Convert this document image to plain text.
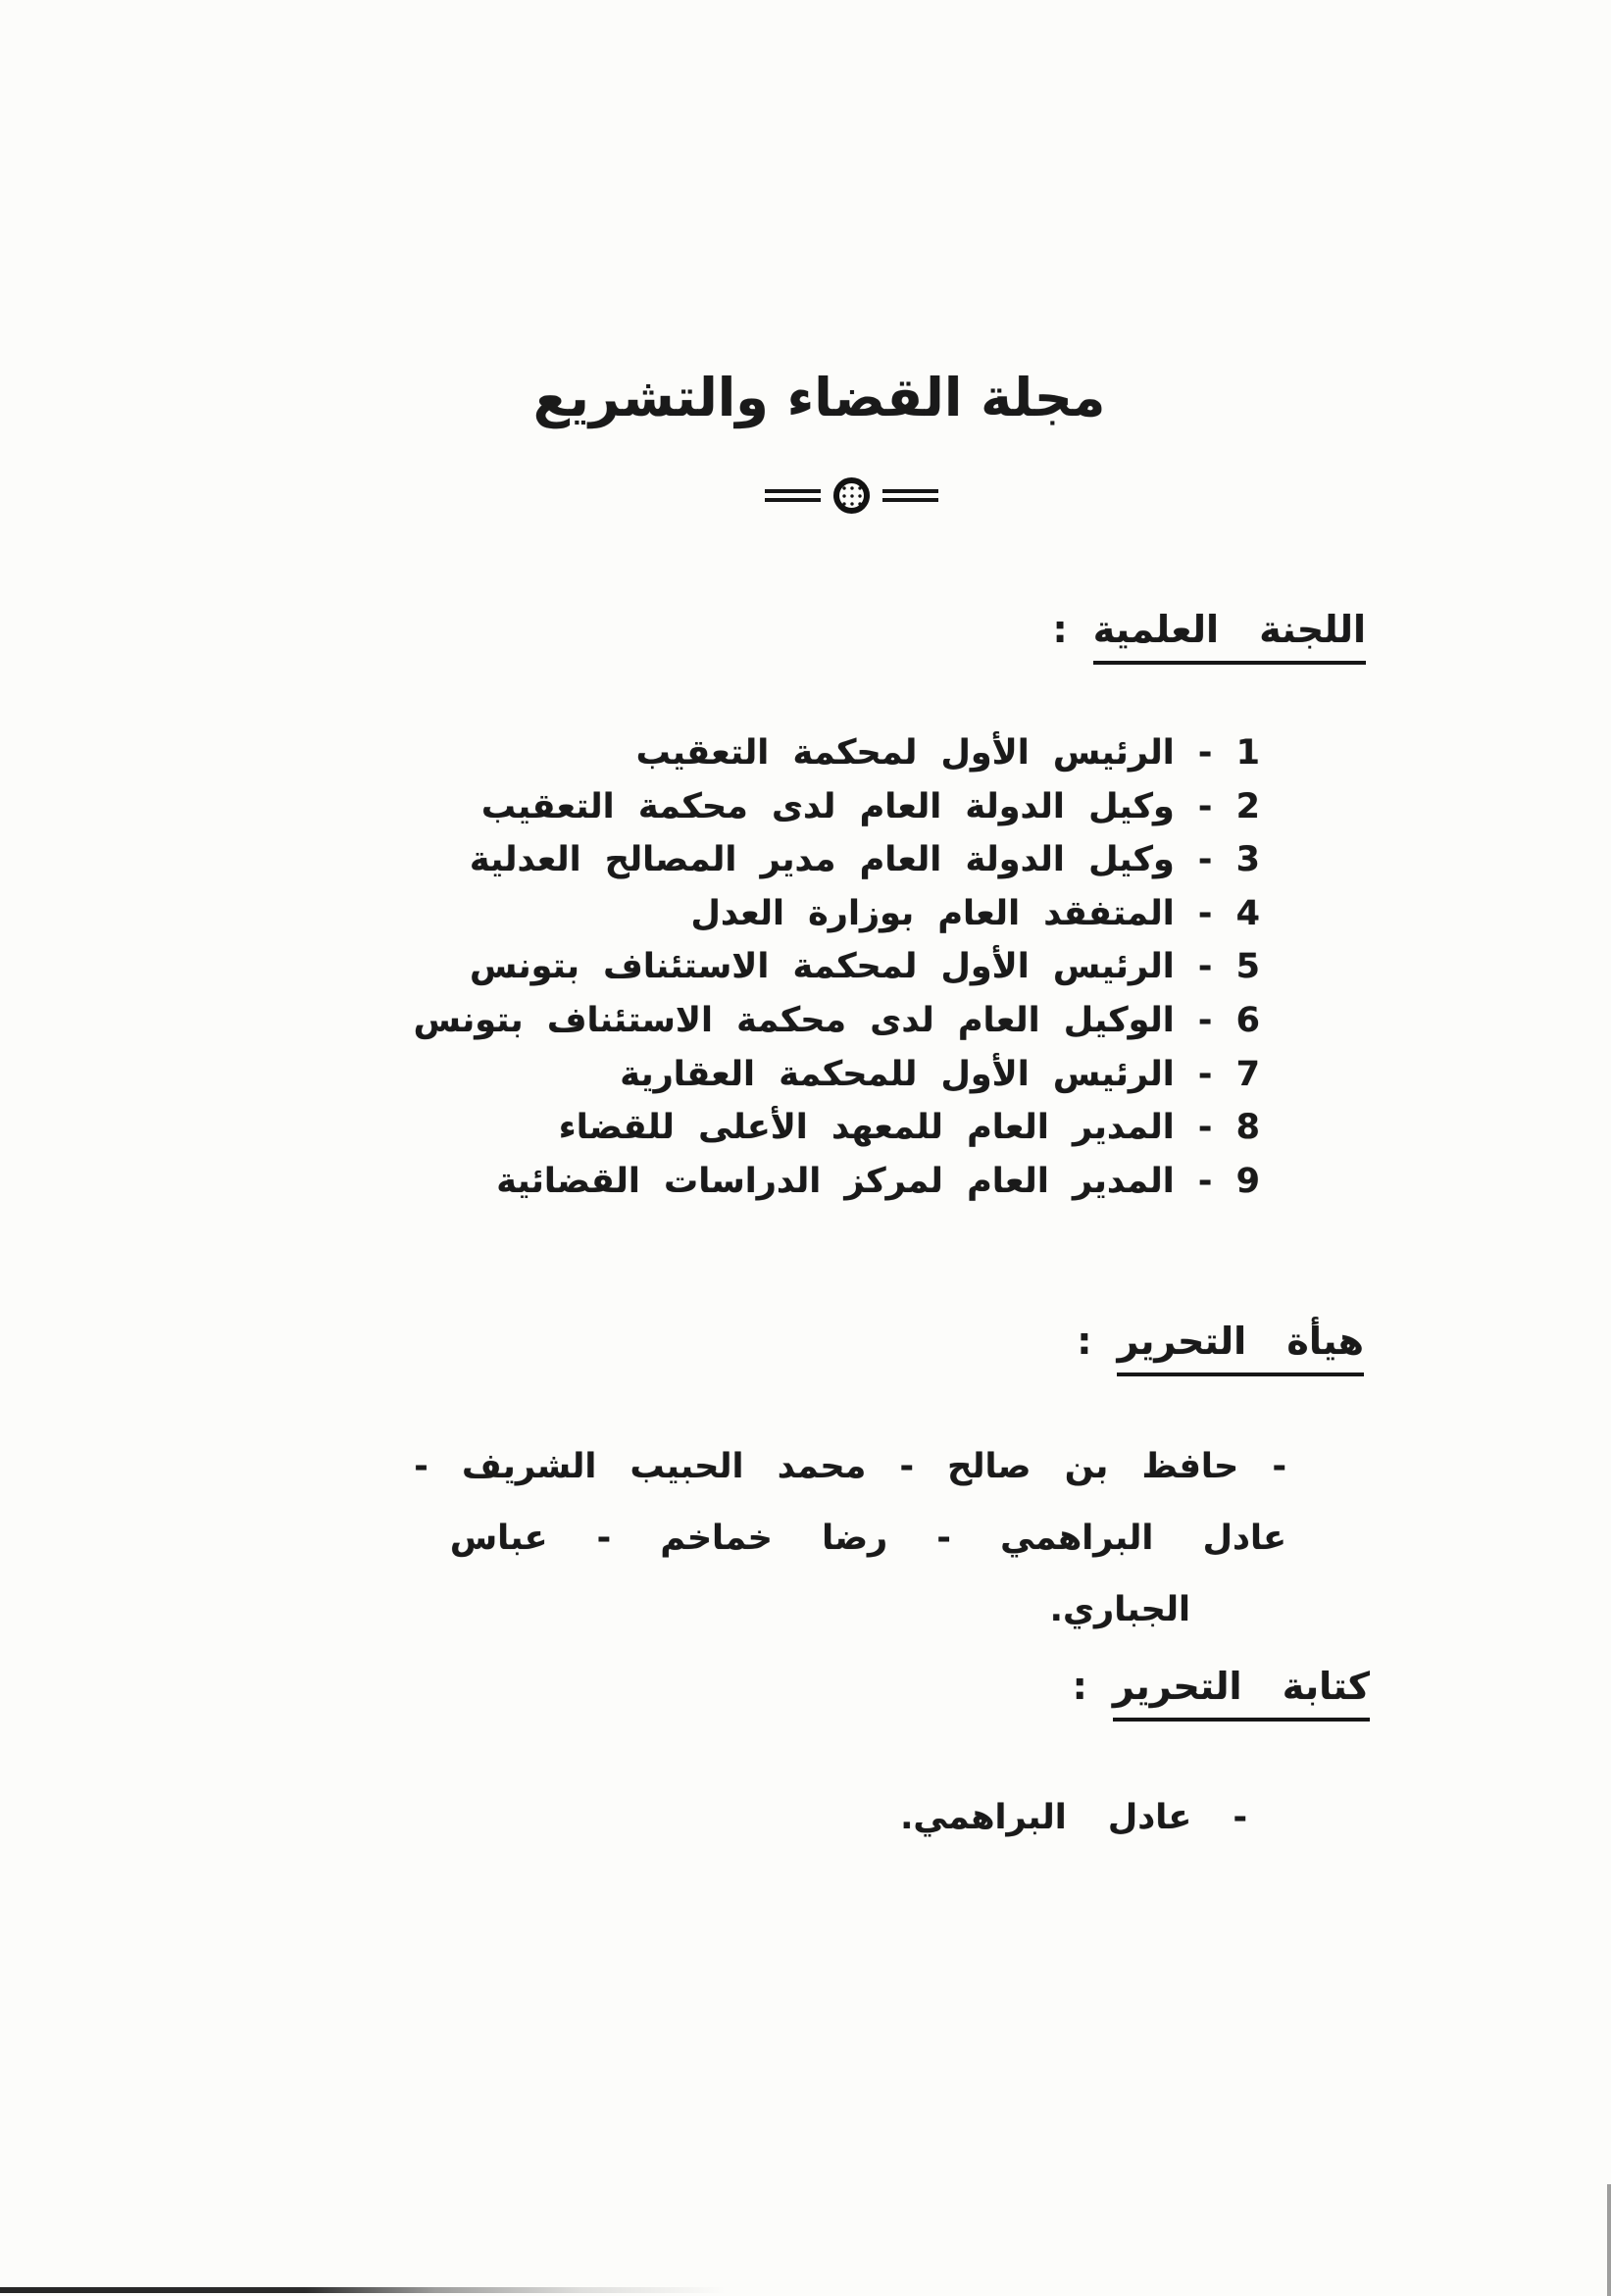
مجلة القضاء والتشريع
اللجنة العلمية
:
1 - الرئيس الأول لمحكمة التعقيب
2 - وكيل الدولة العام لدى محكمة التعقيب
3 - وكيل الدولة العام مدير المصالح العدلية
4 - المتفقد العام بوزارة العدل
5 - الرئيس الأول لمحكمة الاستئناف بتونس
6 - الوكيل العام لدى محكمة الاستئناف بتونس
7 - الرئيس الأول للمحكمة العقارية
8 - المدير العام للمعهد الأعلى للقضاء
9 - المدير العام لمركز الدراسات القضائية
هيأة التحرير
:
- حافظ بن صالح - محمد الحبيب الشريف -
عادل البراهمي - رضا خماخم - عباس
الجباري.
كتابة التحرير
:
- عادل البراهمي.
